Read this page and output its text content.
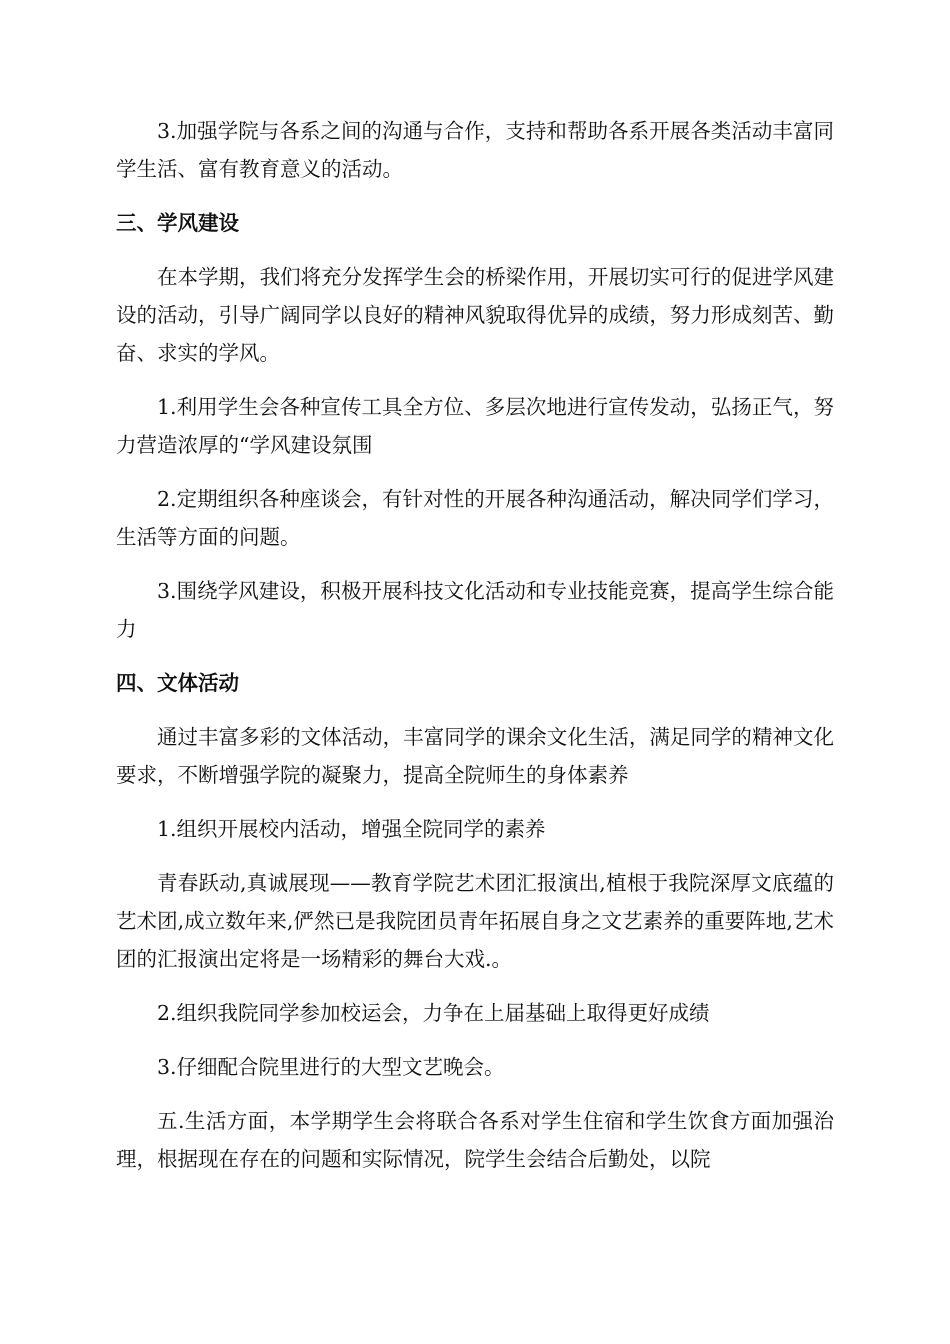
3.加强学院与各系之间的沟通与合作，支持和帮助各系开展各类活动丰富同学生活、富有教育意义的活动。

三、学风建设

在本学期，我们将充分发挥学生会的桥梁作用，开展切实可行的促进学风建设的活动，引导广阔同学以良好的精神风貌取得优异的成绩，努力形成刻苦、勤奋、求实的学风。

1.利用学生会各种宣传工具全方位、多层次地进行宣传发动，弘扬正气，努力营造浓厚的“学风建设氛围

2.定期组织各种座谈会，有针对性的开展各种沟通活动，解决同学们学习，生活等方面的问题。

3.围绕学风建设，积极开展科技文化活动和专业技能竞赛，提高学生综合能力

四、文体活动

通过丰富多彩的文体活动，丰富同学的课余文化生活，满足同学的精神文化要求，不断增强学院的凝聚力，提高全院师生的身体素养

1.组织开展校内活动，增强全院同学的素养

青春跃动,真诚展现——教育学院艺术团汇报演出,植根于我院深厚文底蕴的艺术团,成立数年来,俨然已是我院团员青年拓展自身之文艺素养的重要阵地,艺术团的汇报演出定将是一场精彩的舞台大戏.。

2.组织我院同学参加校运会，力争在上届基础上取得更好成绩

3.仔细配合院里进行的大型文艺晚会。

五.生活方面，本学期学生会将联合各系对学生住宿和学生饮食方面加强治理，根据现在存在的问题和实际情况，院学生会结合后勤处，以院
